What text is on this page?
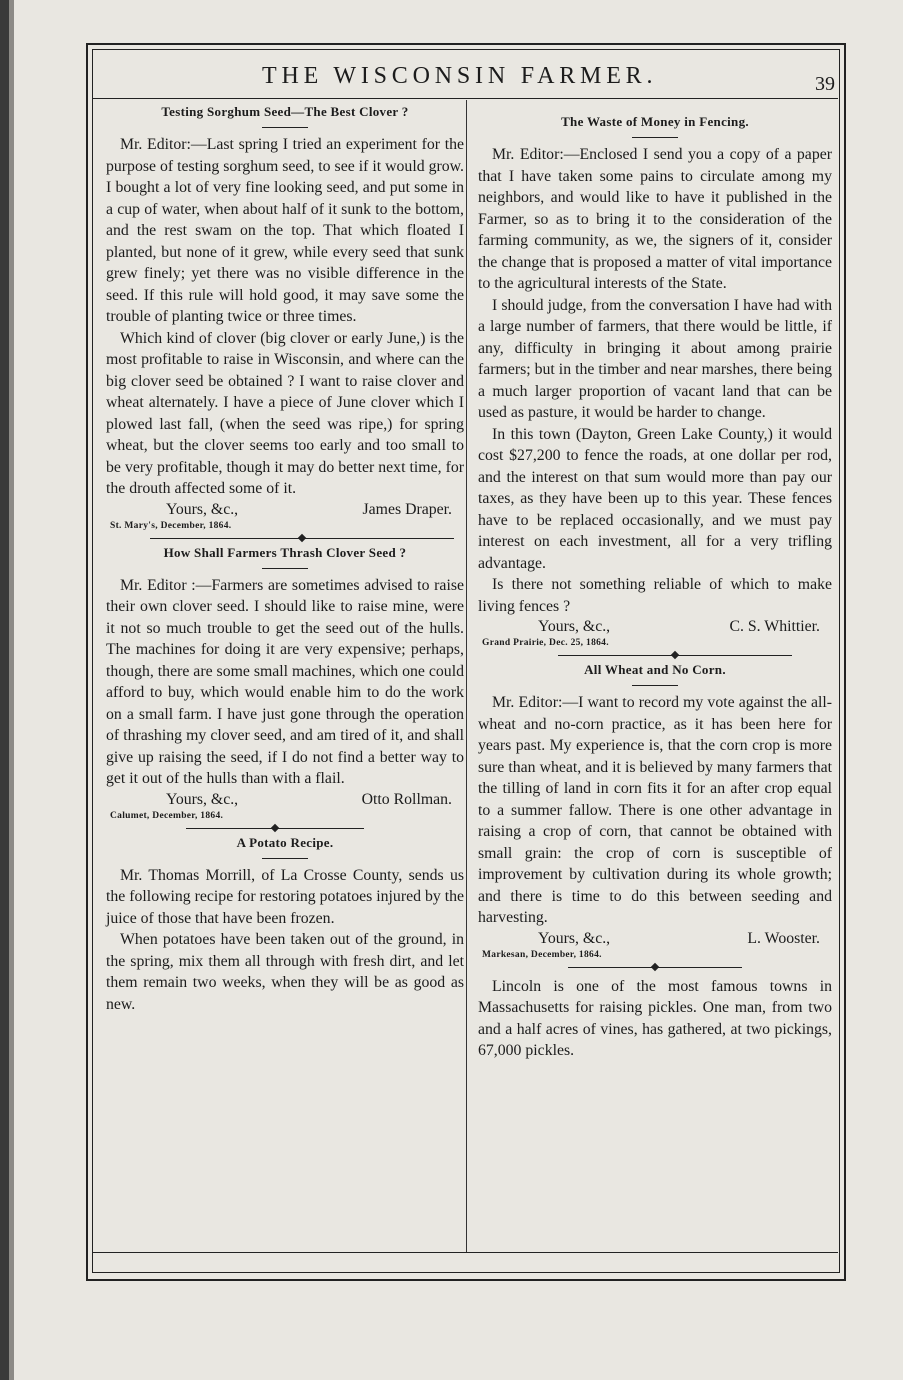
THE WISCONSIN FARMER.	39
Testing Sorghum Seed—The Best Clover ?

Mr. Editor:—Last spring I tried an experiment for the purpose of testing sorghum seed, to see if it would grow. I bought a lot of very fine looking seed, and put some in a cup of water, when about half of it sunk to the bottom, and the rest swam on the top. That which floated I planted, but none of it grew, while every seed that sunk grew finely; yet there was no visible difference in the seed. If this rule will hold good, it may save some the trouble of planting twice or three times.

Which kind of clover (big clover or early June,) is the most profitable to raise in Wisconsin, and where can the big clover seed be obtained ? I want to raise clover and wheat alternately. I have a piece of June clover which I plowed last fall, (when the seed was ripe,) for spring wheat, but the clover seems too early and too small to be very profitable, though it may do better next time, for the drouth affected some of it.

Yours, &c.,	James Draper.
St. Mary's, December, 1864.
How Shall Farmers Thrash Clover Seed ?

Mr. Editor :—Farmers are sometimes advised to raise their own clover seed. I should like to raise mine, were it not so much trouble to get the seed out of the hulls. The machines for doing it are very expensive; perhaps, though, there are some small machines, which one could afford to buy, which would enable him to do the work on a small farm. I have just gone through the operation of thrashing my clover seed, and am tired of it, and shall give up raising the seed, if I do not find a better way to get it out of the hulls than with a flail.

Yours, &c.,	Otto Rollman.
Calumet, December, 1864.
A Potato Recipe.

Mr. Thomas Morrill, of La Crosse County, sends us the following recipe for restoring potatoes injured by the juice of those that have been frozen.

When potatoes have been taken out of the ground, in the spring, mix them all through with fresh dirt, and let them remain two weeks, when they will be as good as new.

The Waste of Money in Fencing.

Mr. Editor:—Enclosed I send you a copy of a paper that I have taken some pains to circulate among my neighbors, and would like to have it published in the Farmer, so as to bring it to the consideration of the farming community, as we, the signers of it, consider the change that is proposed a matter of vital importance to the agricultural interests of the State.

I should judge, from the conversation I have had with a large number of farmers, that there would be little, if any, difficulty in bringing it about among prairie farmers; but in the timber and near marshes, there being a much larger proportion of vacant land that can be used as pasture, it would be harder to change.

In this town (Dayton, Green Lake County,) it would cost $27,200 to fence the roads, at one dollar per rod, and the interest on that sum would more than pay our taxes, as they have been up to this year. These fences have to be replaced occasionally, and we must pay interest on each investment, all for a very trifling advantage.

Is there not something reliable of which to make living fences ?

Yours, &c.,	C. S. Whittier.
Grand Prairie, Dec. 25, 1864.
All Wheat and No Corn.

Mr. Editor:—I want to record my vote against the all-wheat and no-corn practice, as it has been here for years past. My experience is, that the corn crop is more sure than wheat, and it is believed by many farmers that the tilling of land in corn fits it for an after crop equal to a summer fallow. There is one other advantage in raising a crop of corn, that cannot be obtained with small grain: the crop of corn is susceptible of improvement by cultivation during its whole growth; and there is time to do this between seeding and harvesting.

Yours, &c.,	L. Wooster.
Markesan, December, 1864.

Lincoln is one of the most famous towns in Massachusetts for raising pickles. One man, from two and a half acres of vines, has gathered, at two pickings, 67,000 pickles.
